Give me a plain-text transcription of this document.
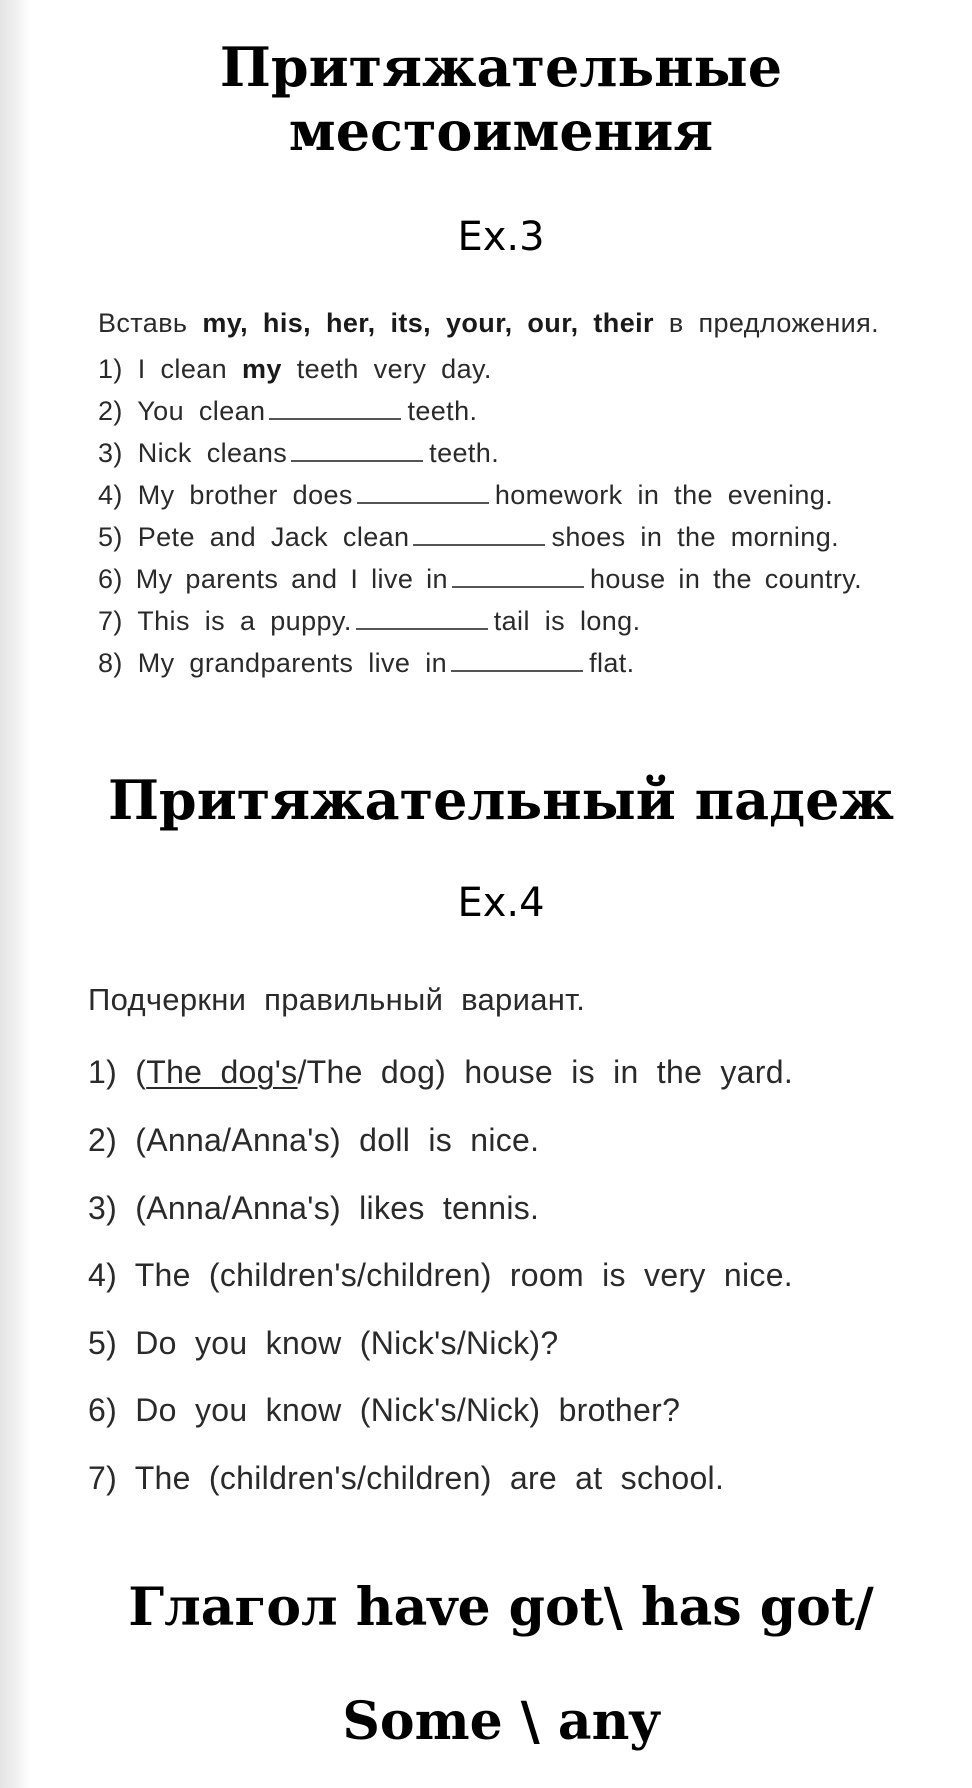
Притяжательные
местоимения
Ex.3
Вставь my, his, her, its, your, our, their в предложения.
1) I clean my teeth very day.
2) You clean	teeth.
3) Nick cleans	teeth.
4) My brother does	homework in the evening.
5) Pete and Jack clean	shoes in the morning.
6) My parents and I live in	house in the country.
7) This is a puppy.	tail is long.
8) My grandparents live in	flat.
Притяжательный падеж
Ex.4
Подчеркни правильный вариант.
1) (The dog's/The dog) house is in the yard.
2) (Anna/Anna's) doll is nice.
3) (Anna/Anna's) likes tennis.
4) The (children's/children) room is very nice.
5) Do you know (Nick's/Nick)?
6) Do you know (Nick's/Nick) brother?
7) The (children's/children) are at school.
Глагол have got\ has got/
Some \ any
